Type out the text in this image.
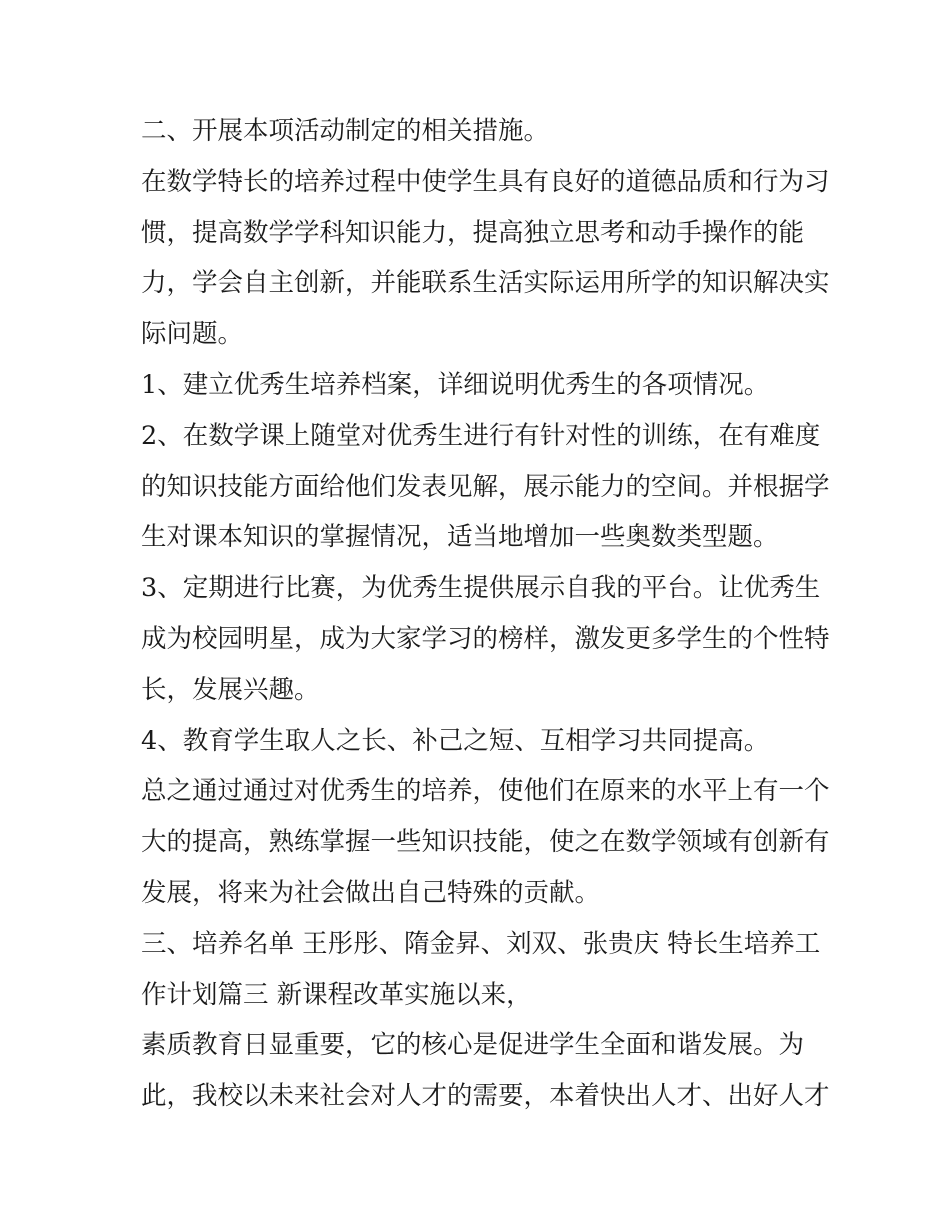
二、开展本项活动制定的相关措施。
在数学特长的培养过程中使学生具有良好的道德品质和行为习
惯，提高数学学科知识能力，提高独立思考和动手操作的能
力，学会自主创新，并能联系生活实际运用所学的知识解决实
际问题。
1、建立优秀生培养档案，详细说明优秀生的各项情况。
2、在数学课上随堂对优秀生进行有针对性的训练，在有难度
的知识技能方面给他们发表见解，展示能力的空间。并根据学
生对课本知识的掌握情况，适当地增加一些奥数类型题。
3、定期进行比赛，为优秀生提供展示自我的平台。让优秀生
成为校园明星，成为大家学习的榜样，激发更多学生的个性特
长，发展兴趣。
4、教育学生取人之长、补己之短、互相学习共同提高。
总之通过通过对优秀生的培养，使他们在原来的水平上有一个
大的提高，熟练掌握一些知识技能，使之在数学领域有创新有
发展，将来为社会做出自己特殊的贡献。
三、培养名单 王彤彤、隋金昇、刘双、张贵庆 特长生培养工
作计划篇三 新课程改革实施以来，
素质教育日显重要，它的核心是促进学生全面和谐发展。为
此，我校以未来社会对人才的需要，本着快出人才、出好人才
